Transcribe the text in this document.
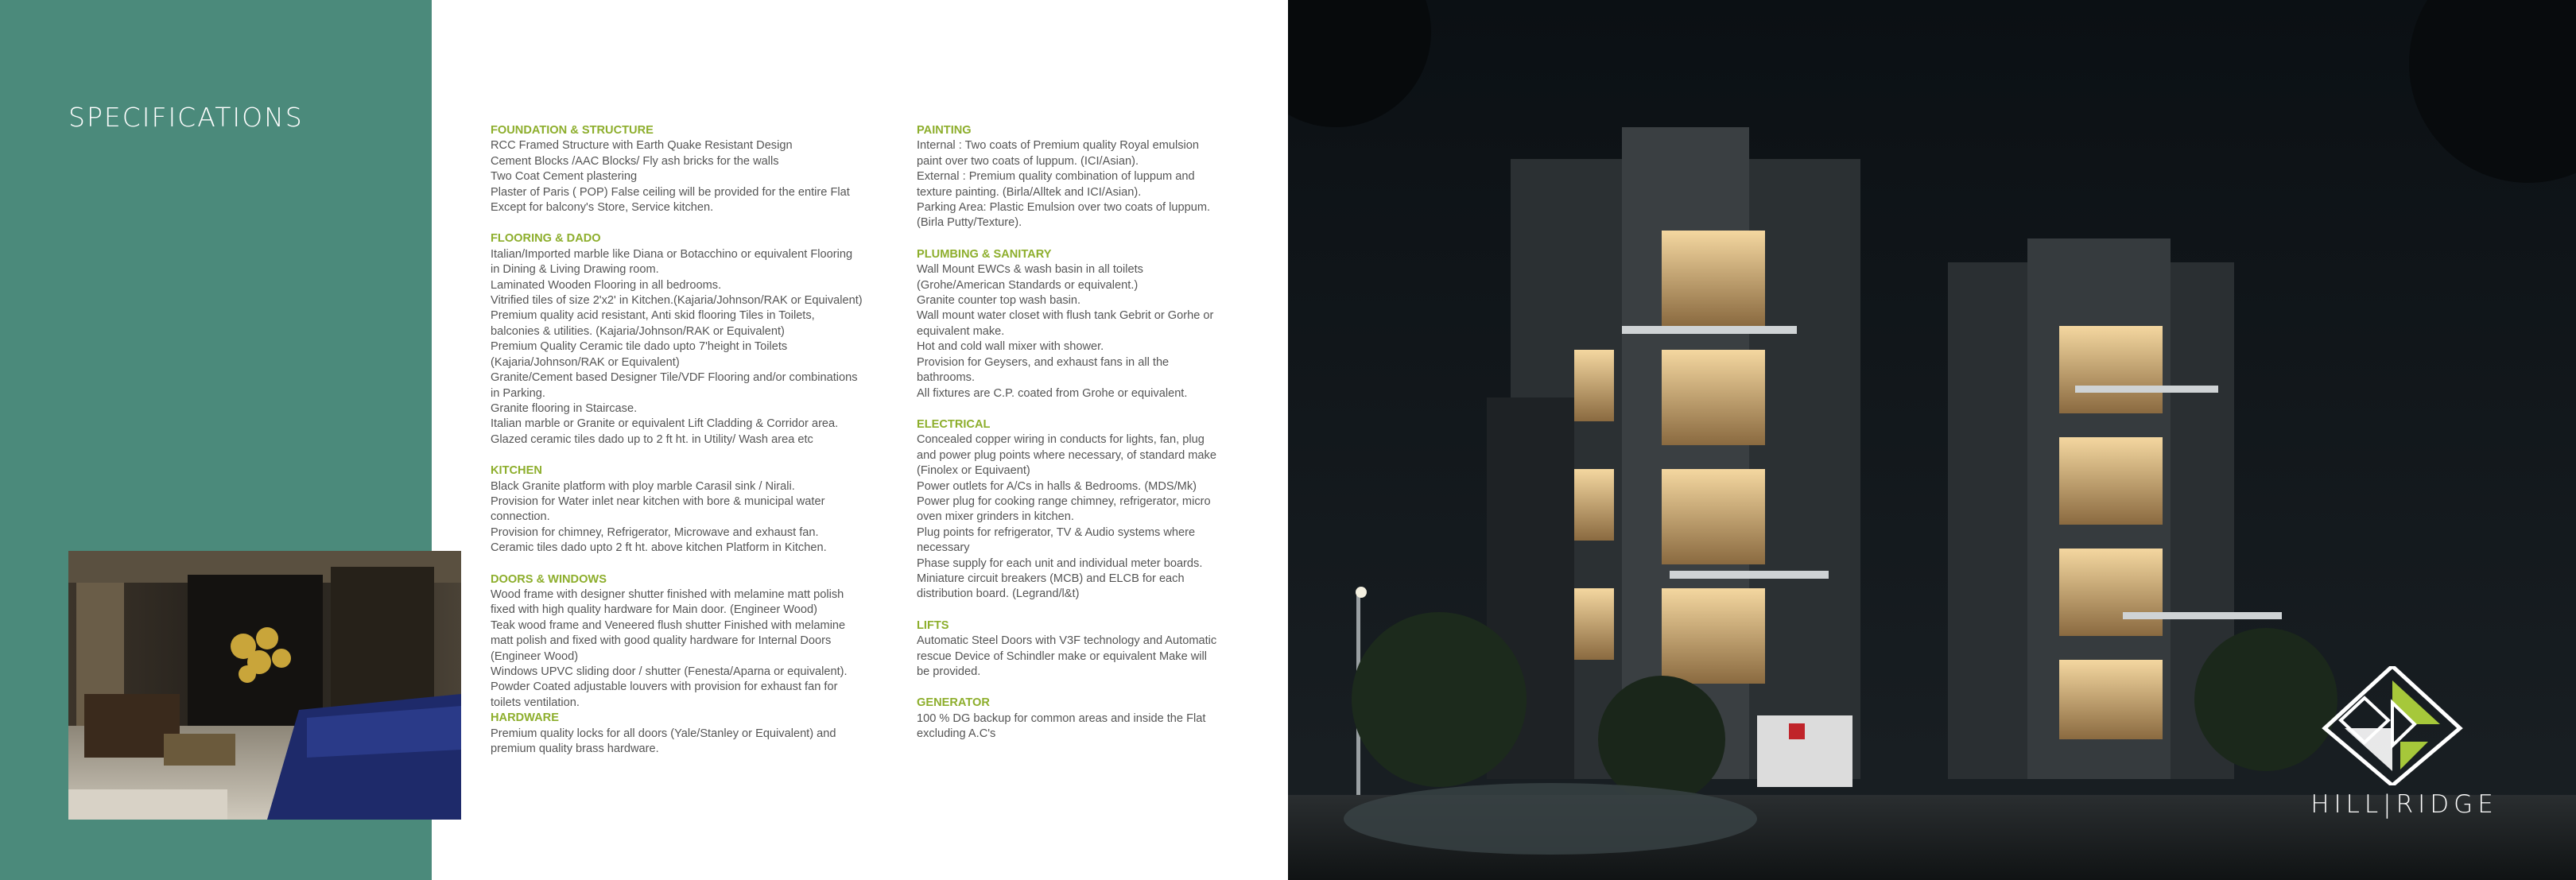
SPECIFICATIONS	FOUNDATION & STRUCTURE
RCC Framed Structure with Earth Quake Resistant Design
Cement Blocks /AAC Blocks/ Fly ash bricks for the walls
Two Coat Cement plastering
Plaster of Paris ( POP) False ceiling will be provided for the entire Flat
Except for balcony's Store, Service kitchen.
FLOORING & DADO
Italian/Imported marble like Diana or Botacchino or equivalent Flooring
in Dining & Living Drawing room.
Laminated Wooden Flooring in all bedrooms.
Vitrified tiles of size 2'x2' in Kitchen.(Kajaria/Johnson/RAK or Equivalent)
Premium quality acid resistant, Anti skid flooring Tiles in Toilets,
balconies & utilities. (Kajaria/Johnson/RAK or Equivalent)
Premium Quality Ceramic tile dado upto 7'height in Toilets
(Kajaria/Johnson/RAK or Equivalent)
Granite/Cement based Designer Tile/VDF Flooring and/or combinations
in Parking.
Granite flooring in Staircase.
Italian marble or Granite or equivalent Lift Cladding & Corridor area.
Glazed ceramic tiles dado up to 2 ft ht. in Utility/ Wash area etc
KITCHEN
Black Granite platform with ploy marble Carasil sink / Nirali.
Provision for Water inlet near kitchen with bore & municipal water
connection.
Provision for chimney, Refrigerator, Microwave and exhaust fan.
Ceramic tiles dado upto 2 ft ht. above kitchen Platform in Kitchen.
DOORS & WINDOWS
Wood frame with designer shutter finished with melamine matt polish
fixed with high quality hardware for Main door. (Engineer Wood)
Teak wood frame and Veneered flush shutter Finished with melamine
matt polish and fixed with good quality hardware for Internal Doors
(Engineer Wood)
Windows UPVC sliding door / shutter (Fenesta/Aparna or equivalent).
Powder Coated adjustable louvers with provision for exhaust fan for
toilets ventilation.
HARDWARE
Premium quality locks for all doors (Yale/Stanley or Equivalent) and
premium quality brass hardware.
PAINTING
Internal : Two coats of Premium quality Royal emulsion
paint over two coats of luppum. (ICI/Asian).
External : Premium quality combination of luppum and
texture painting. (Birla/Alltek and ICI/Asian).
Parking Area: Plastic Emulsion over two coats of luppum.
(Birla Putty/Texture).
PLUMBING & SANITARY
Wall Mount EWCs & wash basin in all toilets
(Grohe/American Standards or equivalent.)
Granite counter top wash basin.
Wall mount water closet with flush tank Gebrit or Gorhe or
equivalent make.
Hot and cold wall mixer with shower.
Provision for Geysers, and exhaust fans in all the
bathrooms.
All fixtures are C.P. coated from Grohe or equivalent.
ELECTRICAL
Concealed copper wiring in conducts for lights, fan, plug
and power plug points where necessary, of standard make
(Finolex or Equivaent)
Power outlets for A/Cs in halls & Bedrooms. (MDS/Mk)
Power plug for cooking range chimney, refrigerator, micro
oven mixer grinders in kitchen.
Plug points for refrigerator, TV & Audio systems where
necessary
Phase supply for each unit and individual meter boards.
Miniature circuit breakers (MCB) and ELCB for each
distribution board. (Legrand/l&t)
LIFTS
Automatic Steel Doors with V3F technology and Automatic
rescue Device of Schindler make or equivalent Make will
be provided.
GENERATOR
100 % DG backup for common areas and inside the Flat
excluding A.C's
HILL|RIDGE
